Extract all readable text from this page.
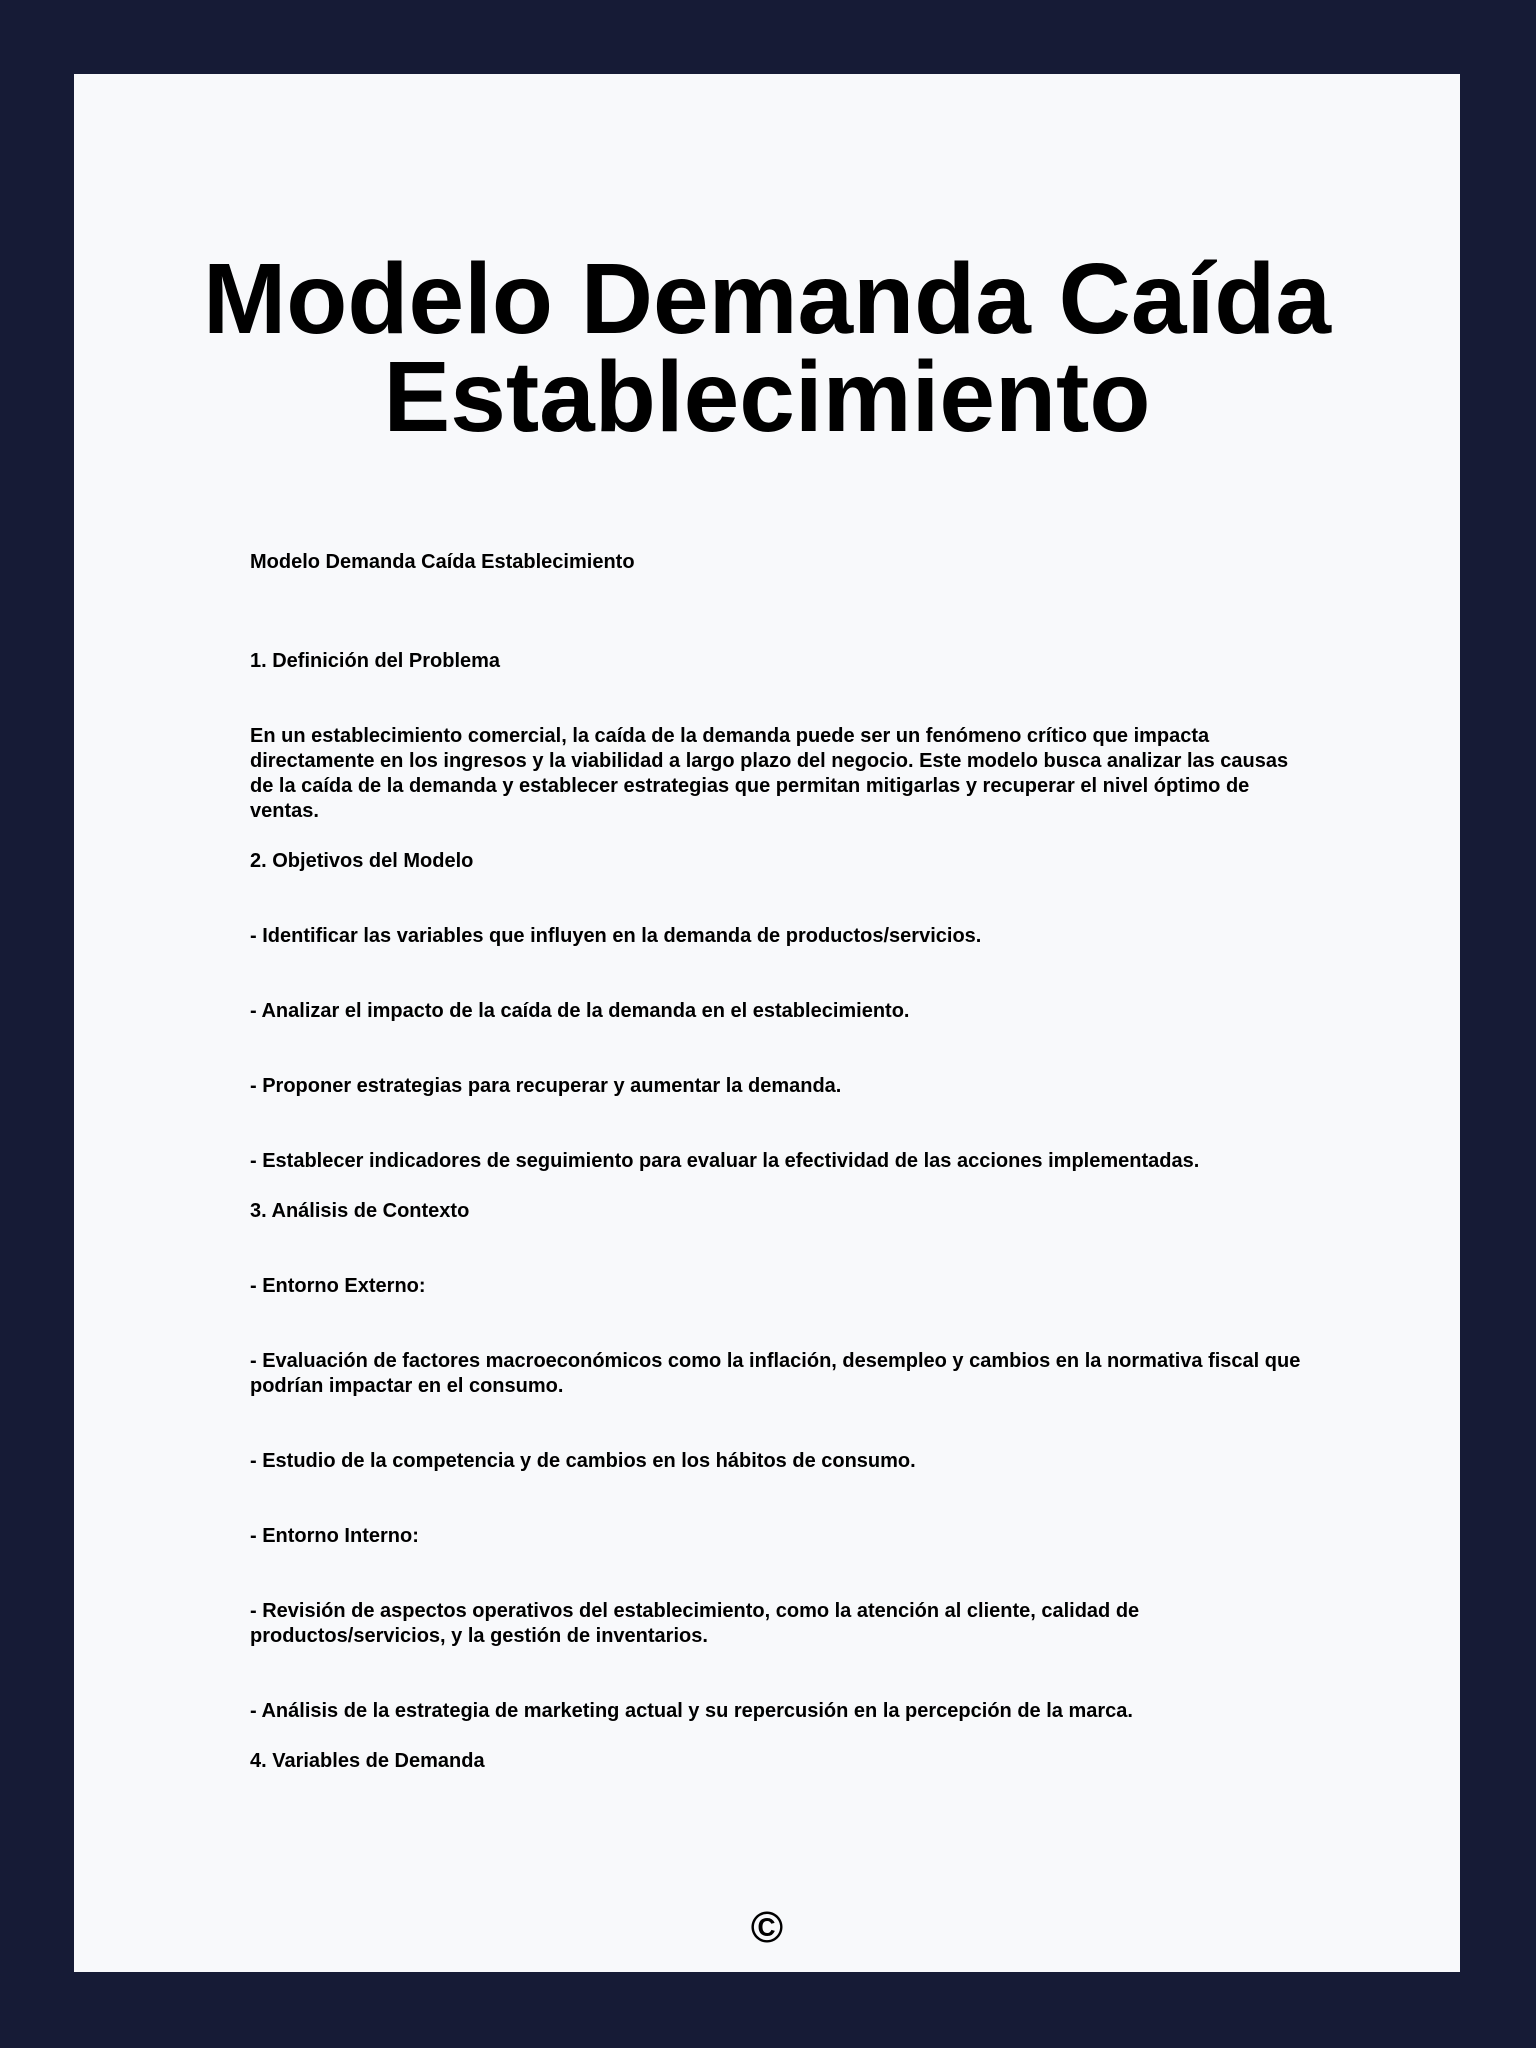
Modelo Demanda Caída
Establecimiento

Modelo Demanda Caída Establecimiento

1. Definición del Problema

En un establecimiento comercial, la caída de la demanda puede ser un fenómeno crítico que impacta directamente en los ingresos y la viabilidad a largo plazo del negocio. Este modelo busca analizar las causas de la caída de la demanda y establecer estrategias que permitan mitigarlas y recuperar el nivel óptimo de ventas.

2. Objetivos del Modelo

- Identificar las variables que influyen en la demanda de productos/servicios.

- Analizar el impacto de la caída de la demanda en el establecimiento.

- Proponer estrategias para recuperar y aumentar la demanda.

- Establecer indicadores de seguimiento para evaluar la efectividad de las acciones implementadas.

3. Análisis de Contexto

- Entorno Externo:

- Evaluación de factores macroeconómicos como la inflación, desempleo y cambios en la normativa fiscal que podrían impactar en el consumo.

- Estudio de la competencia y de cambios en los hábitos de consumo.

- Entorno Interno:

- Revisión de aspectos operativos del establecimiento, como la atención al cliente, calidad de productos/servicios, y la gestión de inventarios.

- Análisis de la estrategia de marketing actual y su repercusión en la percepción de la marca.

4. Variables de Demanda

©
